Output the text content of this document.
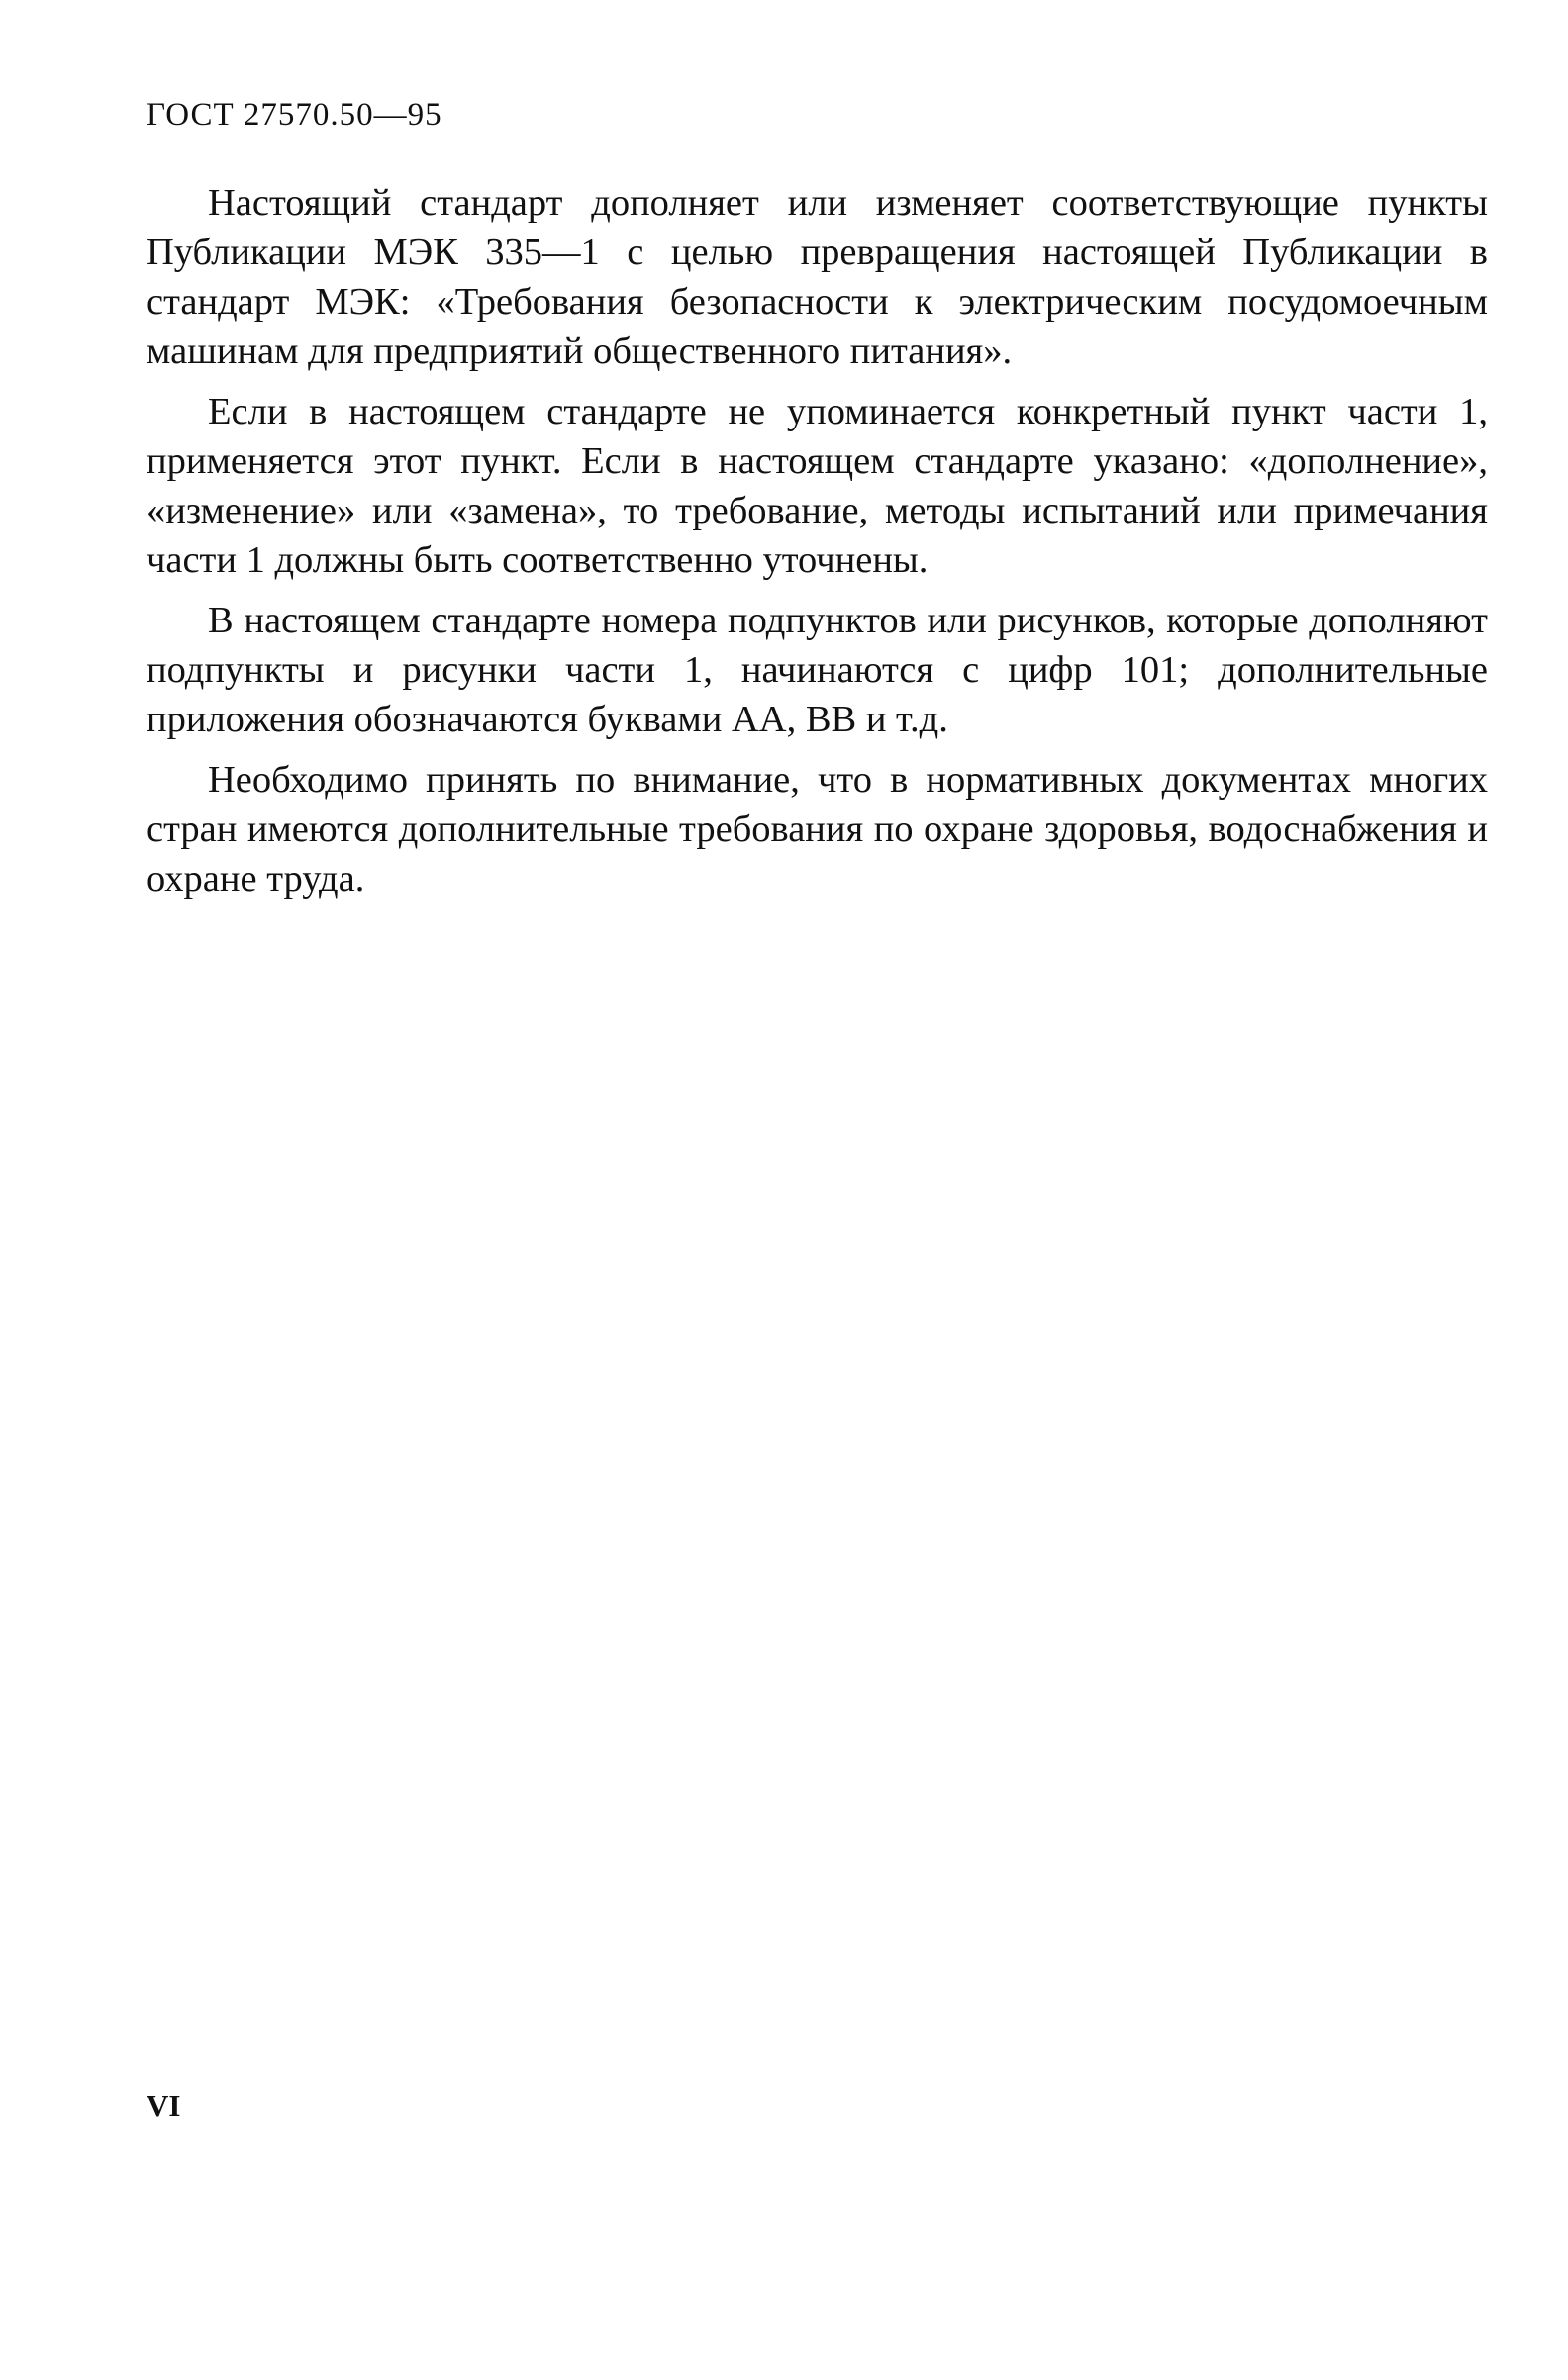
ГОСТ 27570.50—95

Настоящий стандарт дополняет или изменяет соответствующие пункты Публикации МЭК 335—1 с целью превращения настоящей Публикации в стандарт МЭК: «Требования безопасности к электрическим посудомоечным машинам для предприятий общественного питания».

Если в настоящем стандарте не упоминается конкретный пункт части 1, применяется этот пункт. Если в настоящем стандарте указано: «дополнение», «изменение» или «замена», то требование, методы испытаний или примечания части 1 должны быть соответственно уточнены.

В настоящем стандарте номера подпунктов или рисунков, которые дополняют подпункты и рисунки части 1, начинаются с цифр 101; дополнительные приложения обозначаются буквами АА, ВВ и т.д.

Необходимо принять по внимание, что в нормативных документах многих стран имеются дополнительные требования по охране здоровья, водоснабжения и охране труда.

VI
